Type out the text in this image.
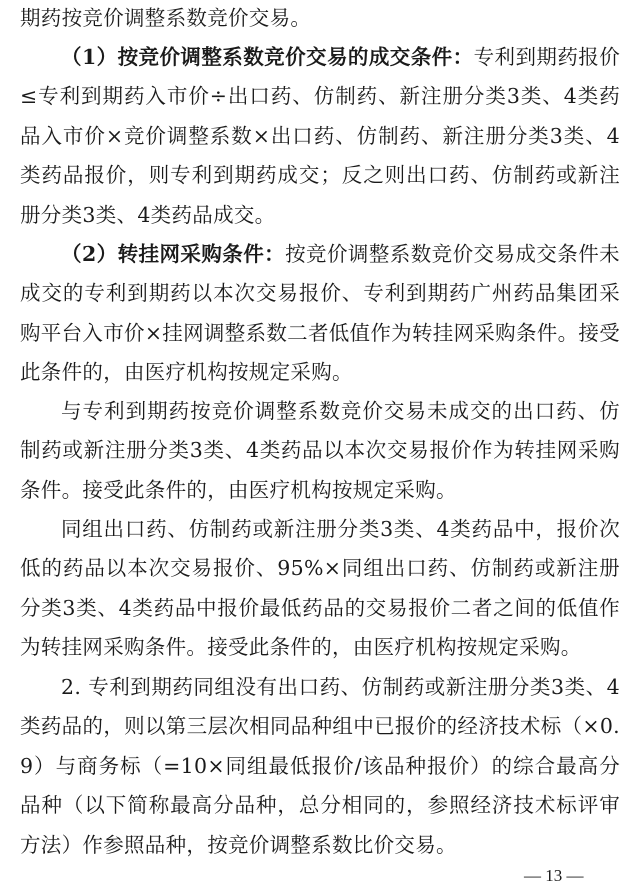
期药按竞价调整系数竞价交易。

（1）按竞价调整系数竞价交易的成交条件：专利到期药报价≤专利到期药入市价÷出口药、仿制药、新注册分类3类、4类药品入市价×竞价调整系数×出口药、仿制药、新注册分类3类、4类药品报价，则专利到期药成交；反之则出口药、仿制药或新注册分类3类、4类药品成交。

（2）转挂网采购条件：按竞价调整系数竞价交易成交条件未成交的专利到期药以本次交易报价、专利到期药广州药品集团采购平台入市价×挂网调整系数二者低值作为转挂网采购条件。接受此条件的，由医疗机构按规定采购。

与专利到期药按竞价调整系数竞价交易未成交的出口药、仿制药或新注册分类3类、4类药品以本次交易报价作为转挂网采购条件。接受此条件的，由医疗机构按规定采购。

同组出口药、仿制药或新注册分类3类、4类药品中，报价次低的药品以本次交易报价、95%×同组出口药、仿制药或新注册分类3类、4类药品中报价最低药品的交易报价二者之间的低值作为转挂网采购条件。接受此条件的，由医疗机构按规定采购。

2. 专利到期药同组没有出口药、仿制药或新注册分类3类、4类药品的，则以第三层次相同品种组中已报价的经济技术标（×0.9）与商务标（=10×同组最低报价/该品种报价）的综合最高分品种（以下简称最高分品种，总分相同的，参照经济技术标评审方法）作参照品种，按竞价调整系数比价交易。

— 13 —
